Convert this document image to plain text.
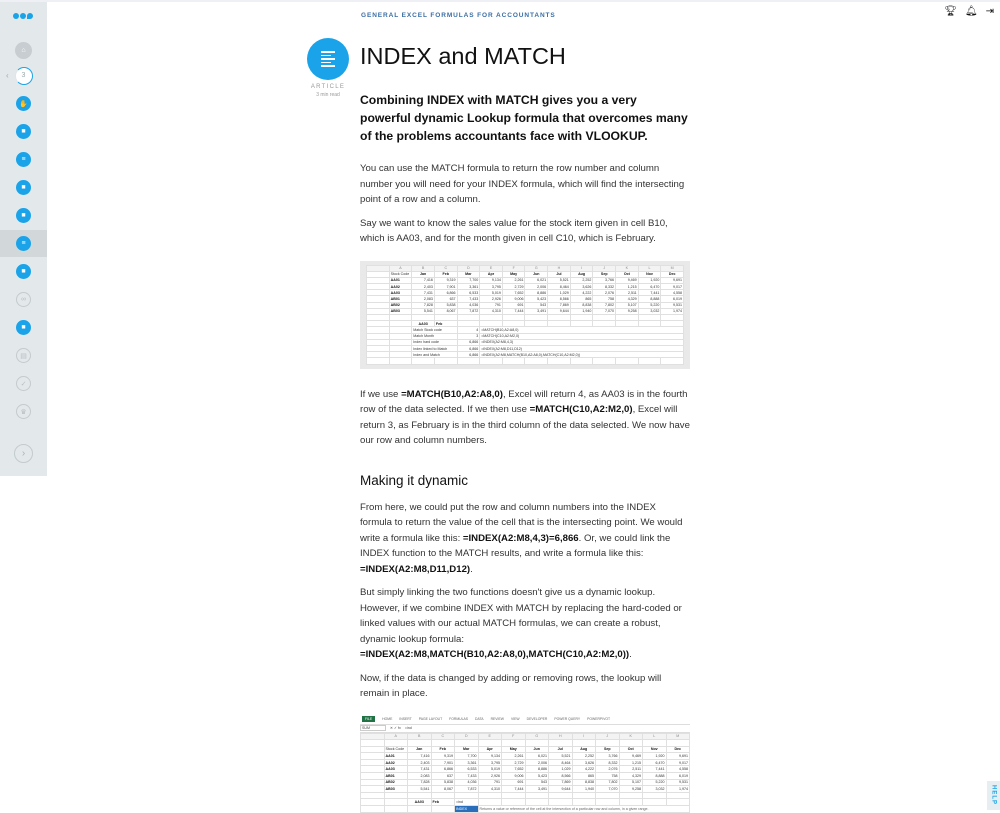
⌂
‹	3
✋
■
≡
■
■
≡
■
∞
■
▤
✓
♛
›
🏆︎ 🔔︎ ⇥
HELP
GENERAL EXCEL FORMULAS FOR ACCOUNTANTS
ARTICLE
3 min read
INDEX and MATCH
Combining INDEX with MATCH gives you a very powerful dynamic Lookup formula that overcomes many of the problems accountants face with VLOOKUP.

You can use the MATCH formula to return the row number and column number you will need for your INDEX formula, which will find the intersecting point of a row and a column.

Say we want to know the sales value for the stock item given in cell B10, which is AA03, and for the month given in cell C10, which is February.

	A	B	C	D	E	F	G	H	I	J	K	L	M
	Stock Code	Jan	Feb	Mar	Apr	May	Jun	Jul	Aug	Sep	Oct	Nov	Dec
	AA01	7,416	9,319	7,700	9,134	2,261	6,021	5,521	2,252	3,766	9,469	1,920	9,691
	AA02	2,403	7,901	3,361	3,795	2,729	2,006	8,464	3,626	8,332	1,215	6,470	9,017
	AA03	7,431	6,866	6,533	5,019	7,652	8,886	1,029	4,222	2,076	2,511	7,441	4,558
	AB01	2,083	637	7,433	2,926	9,006	5,423	8,566	865	758	4,329	8,888	6,019
	AB02	7,828	5,838	4,036	791	691	543	7,869	8,838	7,802	5,107	5,220	9,531
	AB03	5,541	8,067	7,872	4,310	7,444	3,491	9,644	1,940	7,070	9,258	3,032	1,974

		AA03	Feb										
		Match Stock code		4	=MATCH(B10,A2:A8,0)								
		Match Month		3	=MATCH(C10,A2:M2,0)								
		Index hard code		6,866	=INDEX(A2:M8,4,3)								
		Index linked to Match		6,866	=INDEX(A2:M8,D11,D12)								
		Index and Match		6,866	=INDEX(A2:M8,MATCH(B10,A2:A8,0),MATCH(C10,A2:M2,0))								

If we use =MATCH(B10,A2:A8,0), Excel will return 4, as AA03 is in the fourth row of the data selected. If we then use =MATCH(C10,A2:M2,0), Excel will return 3, as February is in the third column of the data selected. We now have our row and column numbers.

Making it dynamic

From here, we could put the row and column numbers into the INDEX formula to return the value of the cell that is the intersecting point. We would write a formula like this: =INDEX(A2:M8,4,3)=6,866. Or, we could link the INDEX function to the MATCH results, and write a formula like this: =INDEX(A2:M8,D11,D12).

But simply linking the two functions doesn't give us a dynamic lookup. However, if we combine INDEX with MATCH by replacing the hard-coded or linked values with our actual MATCH formulas, we can create a robust, dynamic lookup formula: =INDEX(A2:M8,MATCH(B10,A2:A8,0),MATCH(C10,A2:M2,0)).

Now, if the data is changed by adding or removing rows, the lookup will remain in place.

FILE	HOME INSERT PAGE LAYOUT FORMULAS DATA REVIEW VIEW DEVELOPER POWER QUERY POWERPIVOT
SUM	✕ ✓ fx =ind
	A	B	C	D	E	F	G	H	I	J	K	L	M

	Stock Code	Jan	Feb	Mar	Apr	May	Jun	Jul	Aug	Sep	Oct	Nov	Dec
	AA01	7,416	9,319	7,700	9,134	2,261	6,021	5,521	2,252	3,766	9,469	1,920	9,691
	AA02	2,403	7,901	3,361	3,795	2,729	2,006	8,464	3,626	8,332	1,215	6,470	9,017
	AA03	7,431	6,866	6,533	5,019	7,652	8,886	1,029	4,222	2,076	2,511	7,441	4,558
	AB01	2,083	637	7,433	2,926	9,006	5,423	8,566	865	758	4,329	8,888	6,019
	AB02	7,828	5,838	4,036	791	691	543	7,869	8,838	7,802	5,107	5,220	9,531
	AB03	5,541	8,067	7,872	4,310	7,444	3,491	9,644	1,940	7,070	9,258	3,032	1,974

		AA03	Feb	=ind									
				INDEX	Returns a value or reference of the cell at the intersection of a particular row and column, in a given range.								
